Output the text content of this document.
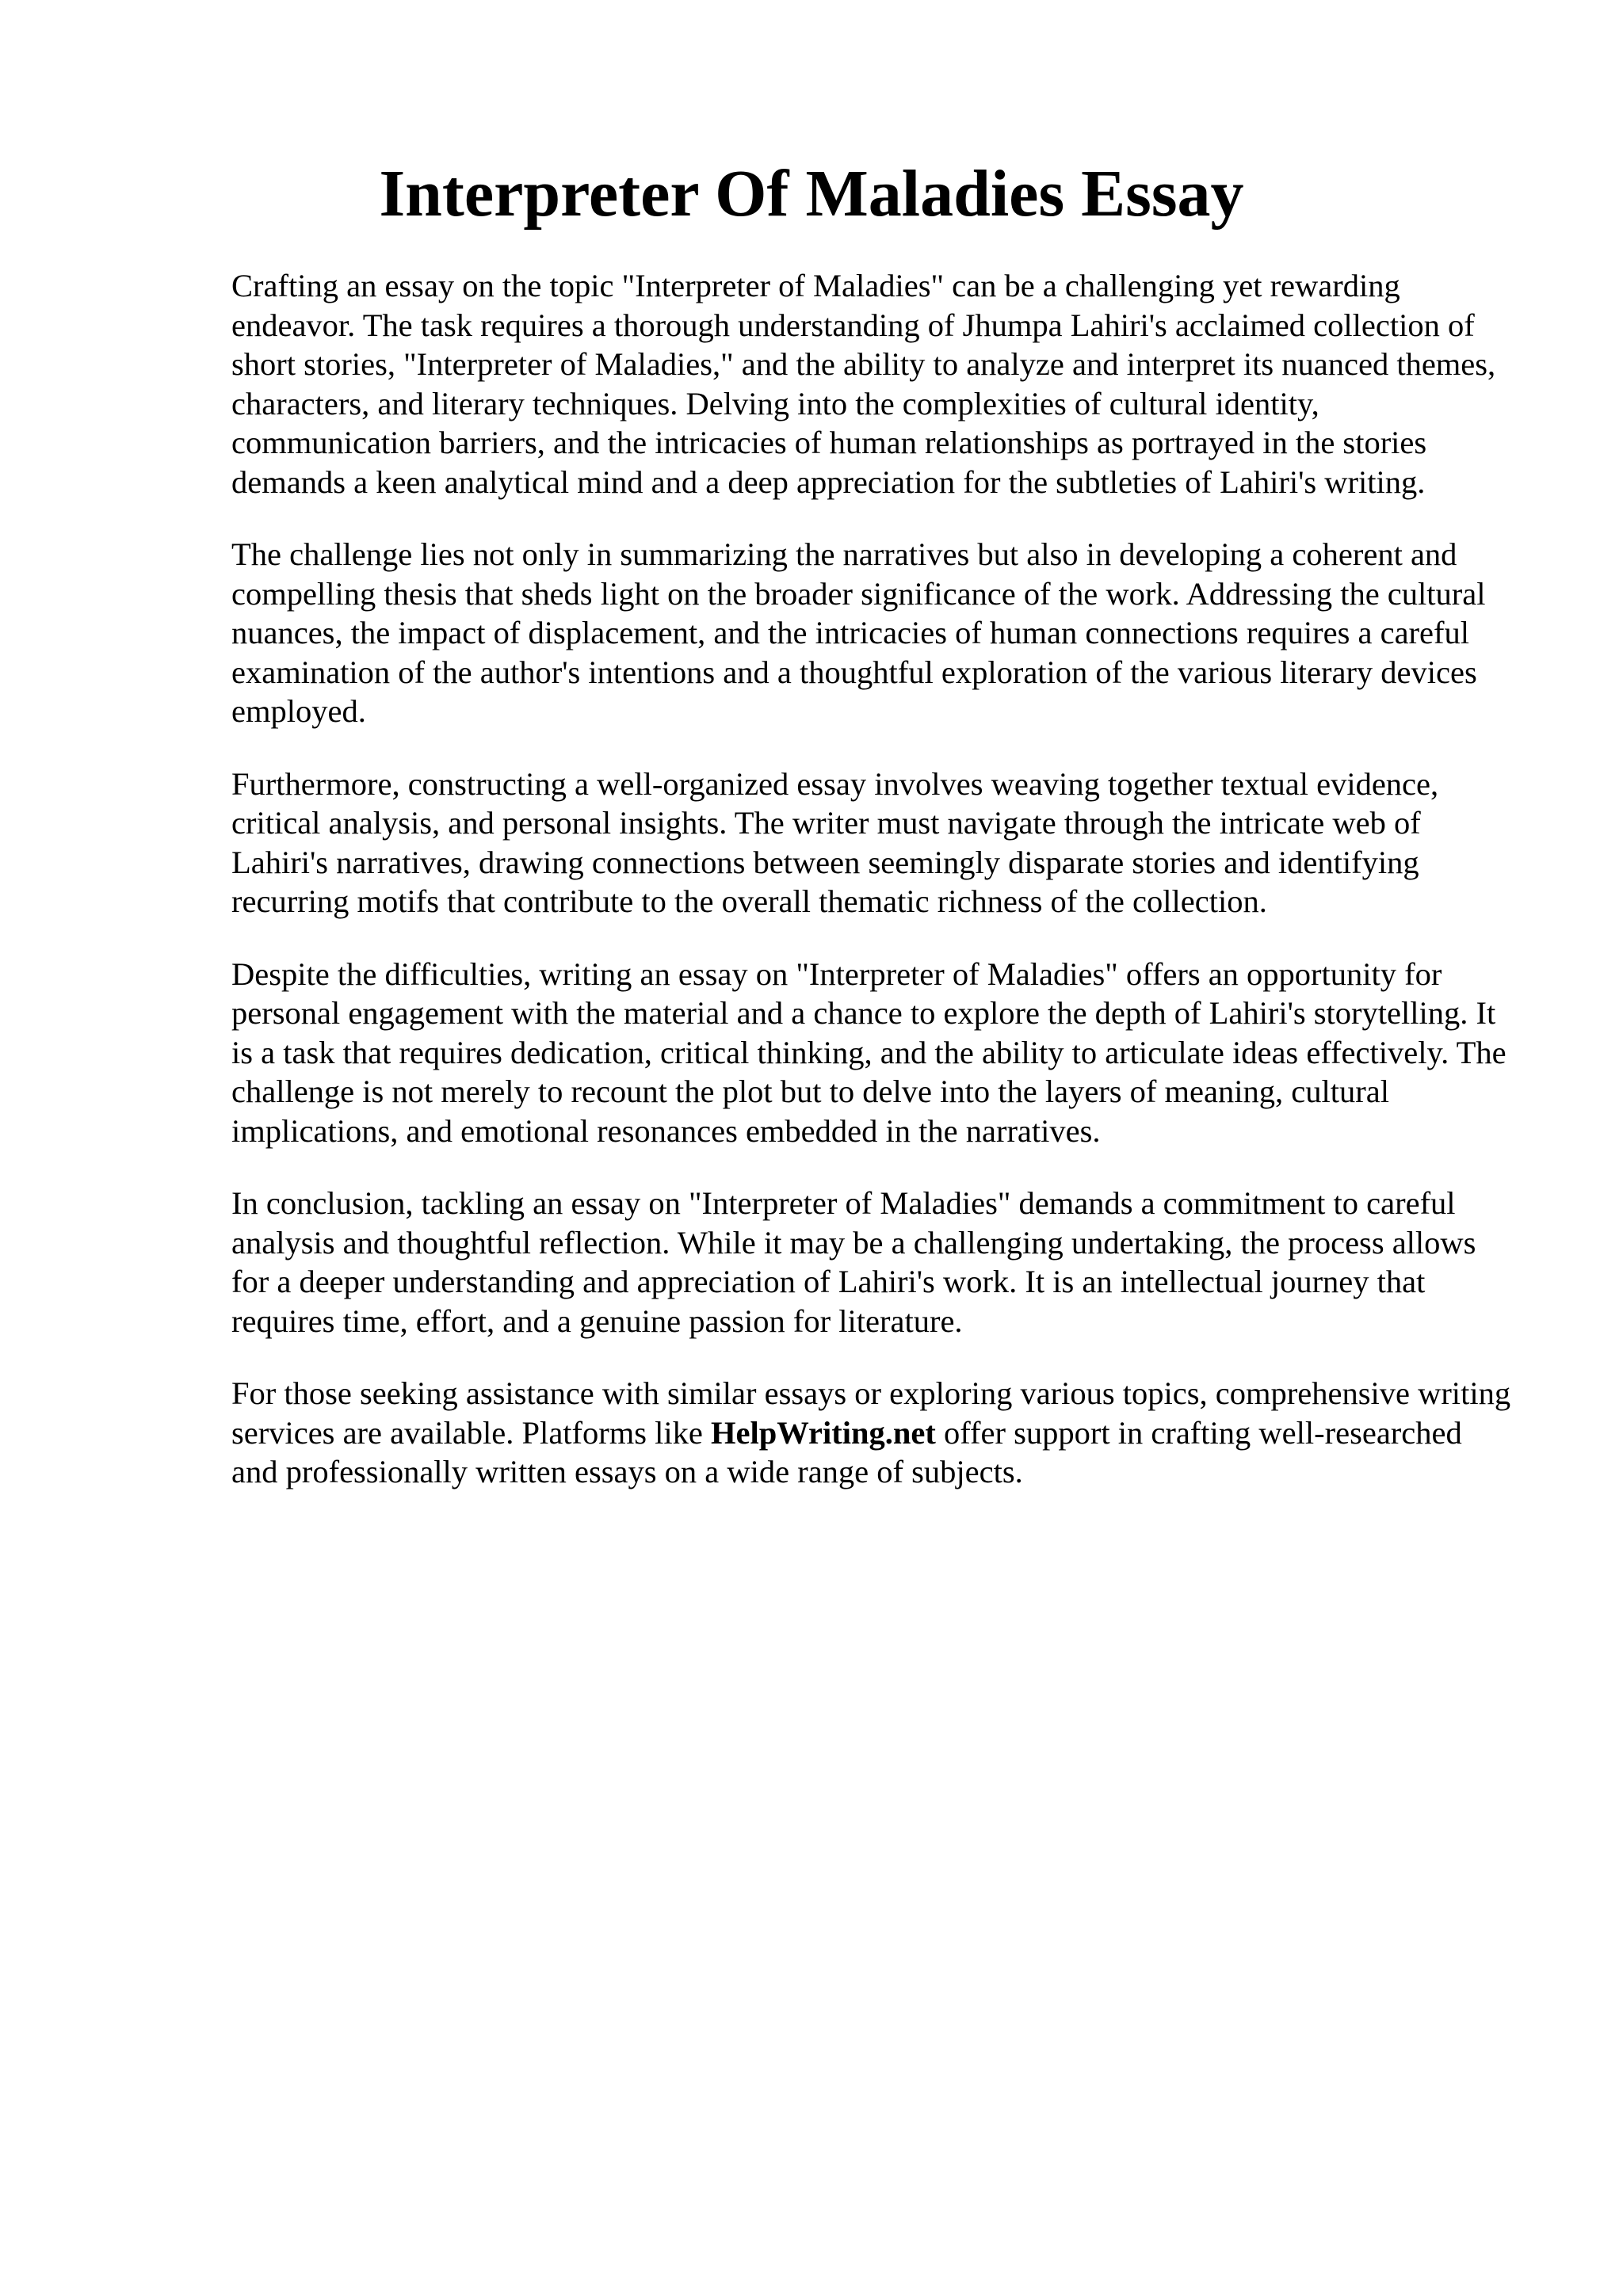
Interpreter Of Maladies Essay

Crafting an essay on the topic "Interpreter of Maladies" can be a challenging yet rewarding endeavor. The task requires a thorough understanding of Jhumpa Lahiri's acclaimed collection of short stories, "Interpreter of Maladies," and the ability to analyze and interpret its nuanced themes, characters, and literary techniques. Delving into the complexities of cultural identity, communication barriers, and the intricacies of human relationships as portrayed in the stories demands a keen analytical mind and a deep appreciation for the subtleties of Lahiri's writing.

The challenge lies not only in summarizing the narratives but also in developing a coherent and compelling thesis that sheds light on the broader significance of the work. Addressing the cultural nuances, the impact of displacement, and the intricacies of human connections requires a careful examination of the author's intentions and a thoughtful exploration of the various literary devices employed.

Furthermore, constructing a well-organized essay involves weaving together textual evidence, critical analysis, and personal insights. The writer must navigate through the intricate web of Lahiri's narratives, drawing connections between seemingly disparate stories and identifying recurring motifs that contribute to the overall thematic richness of the collection.

Despite the difficulties, writing an essay on "Interpreter of Maladies" offers an opportunity for personal engagement with the material and a chance to explore the depth of Lahiri's storytelling. It is a task that requires dedication, critical thinking, and the ability to articulate ideas effectively. The challenge is not merely to recount the plot but to delve into the layers of meaning, cultural implications, and emotional resonances embedded in the narratives.

In conclusion, tackling an essay on "Interpreter of Maladies" demands a commitment to careful analysis and thoughtful reflection. While it may be a challenging undertaking, the process allows for a deeper understanding and appreciation of Lahiri's work. It is an intellectual journey that requires time, effort, and a genuine passion for literature.

For those seeking assistance with similar essays or exploring various topics, comprehensive writing services are available. Platforms like HelpWriting.net offer support in crafting well-researched and professionally written essays on a wide range of subjects.
